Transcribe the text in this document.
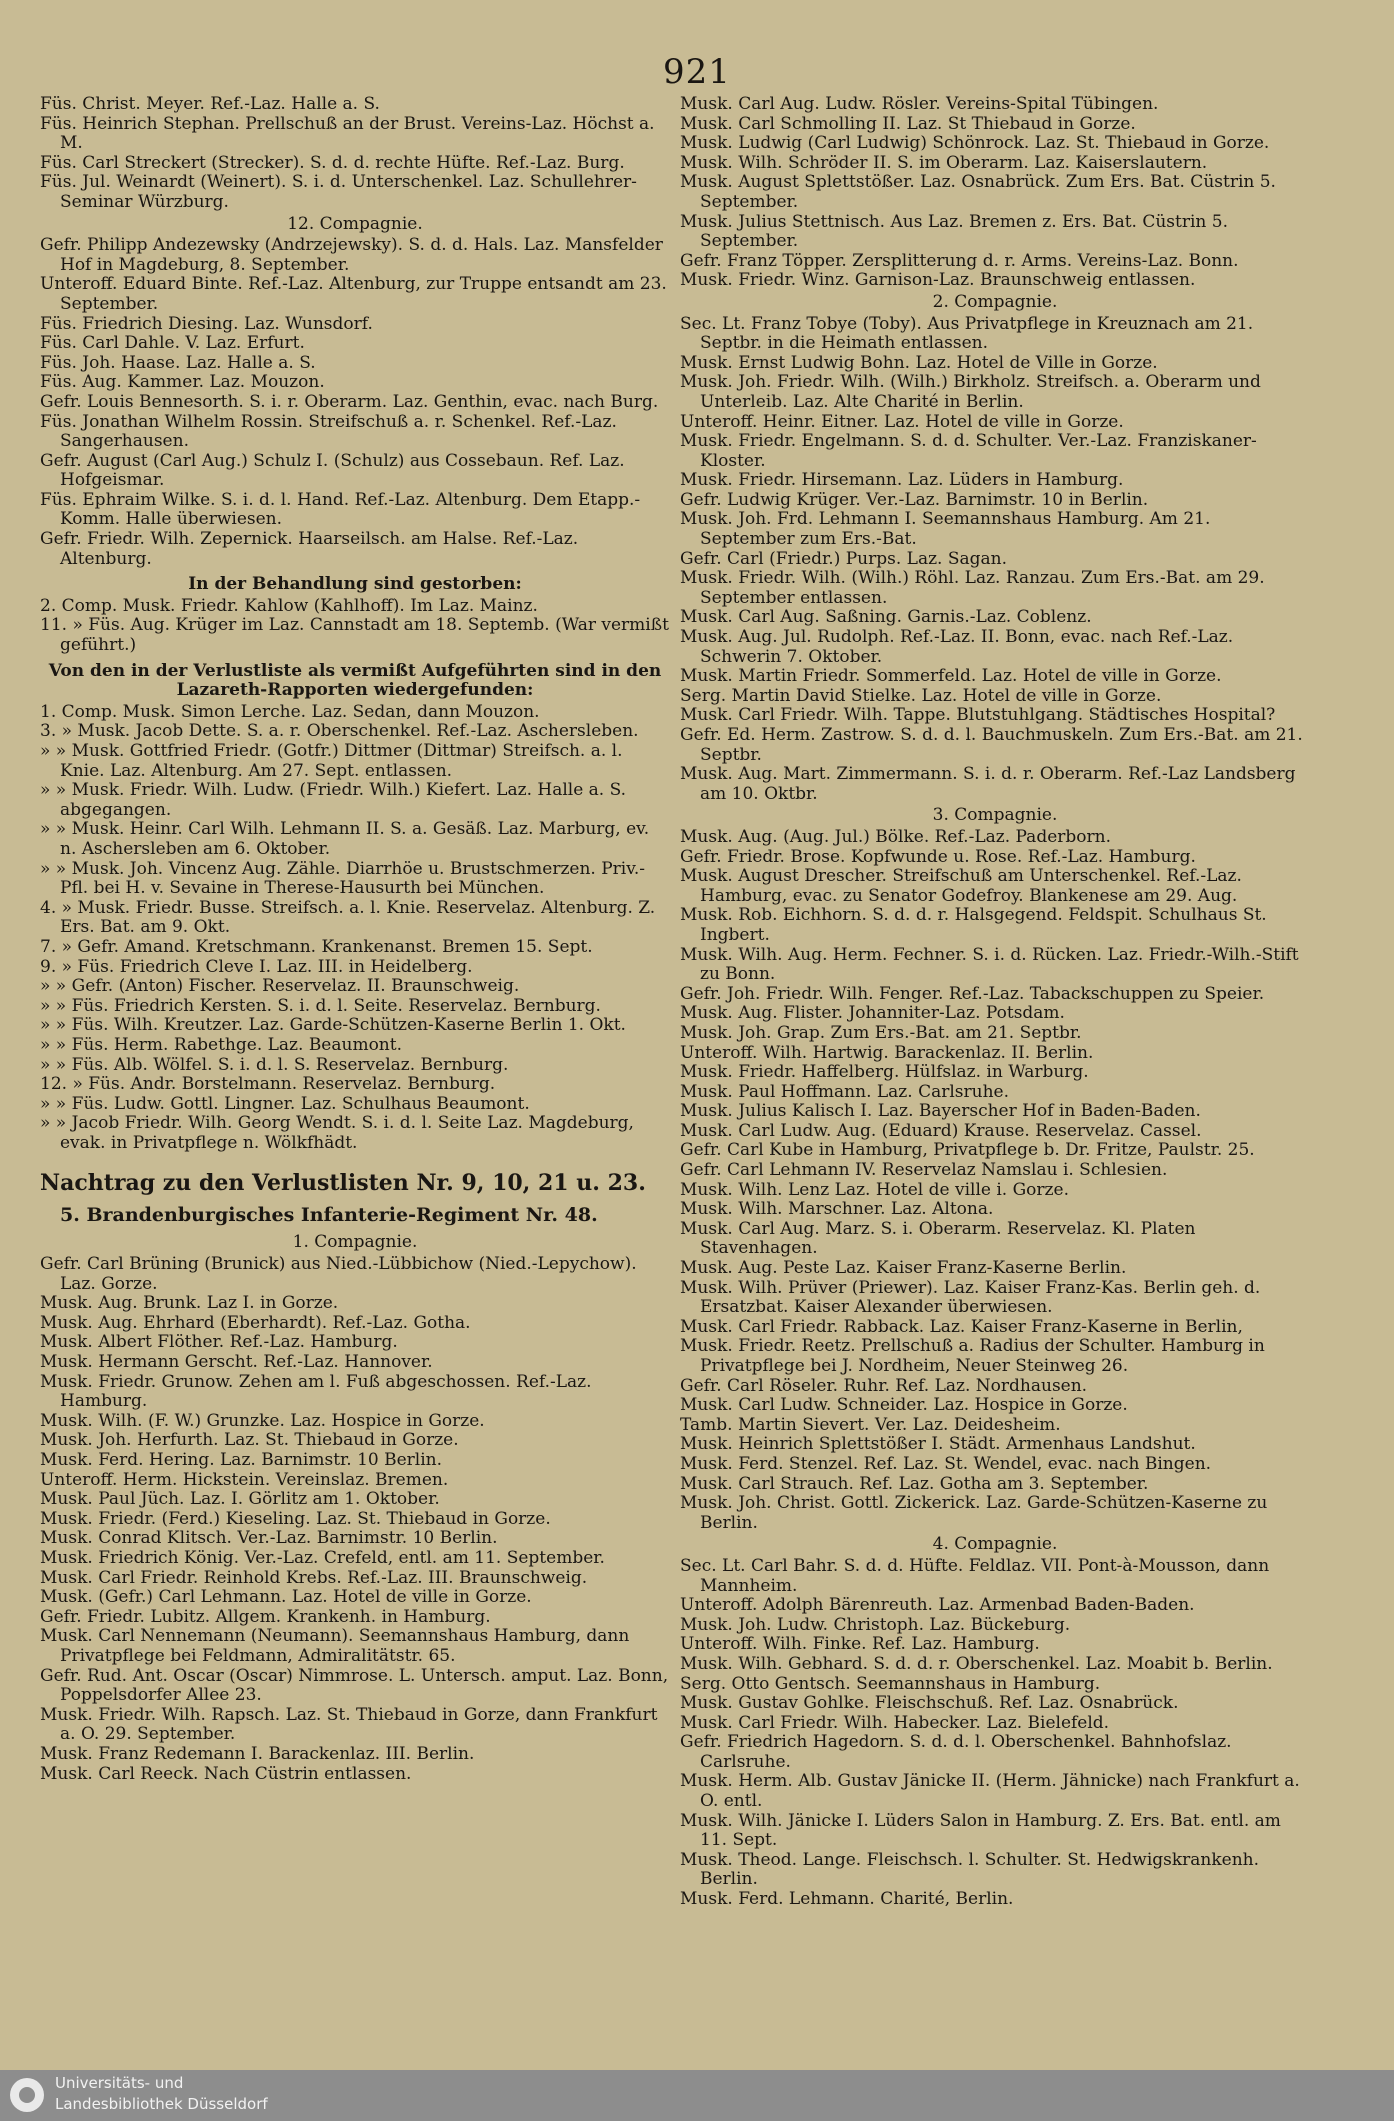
921

Füs. Christ. Meyer. Ref.-Laz. Halle a. S.

Füs. Heinrich Stephan. Prellschuß an der Brust. Vereins-Laz. Höchst a. M.

Füs. Carl Streckert (Strecker). S. d. d. rechte Hüfte. Ref.-Laz. Burg.

Füs. Jul. Weinardt (Weinert). S. i. d. Unterschenkel. Laz. Schullehrer-Seminar Würzburg.

12. Compagnie.

Gefr. Philipp Andezewsky (Andrzejewsky). S. d. d. Hals. Laz. Mansfelder Hof in Magdeburg, 8. September.

Unteroff. Eduard Binte. Ref.-Laz. Altenburg, zur Truppe entsandt am 23. September.

Füs. Friedrich Diesing. Laz. Wunsdorf.

Füs. Carl Dahle. V. Laz. Erfurt.

Füs. Joh. Haase. Laz. Halle a. S.

Füs. Aug. Kammer. Laz. Mouzon.

Gefr. Louis Bennesorth. S. i. r. Oberarm. Laz. Genthin, evac. nach Burg.

Füs. Jonathan Wilhelm Rossin. Streifschuß a. r. Schenkel. Ref.-Laz. Sangerhausen.

Gefr. August (Carl Aug.) Schulz I. (Schulz) aus Cossebaun. Ref. Laz. Hofgeismar.

Füs. Ephraim Wilke. S. i. d. l. Hand. Ref.-Laz. Altenburg. Dem Etapp.-Komm. Halle überwiesen.

Gefr. Friedr. Wilh. Zepernick. Haarseilsch. am Halse. Ref.-Laz. Altenburg.

In der Behandlung sind gestorben:

2. Comp. Musk. Friedr. Kahlow (Kahlhoff). Im Laz. Mainz.

11. » Füs. Aug. Krüger im Laz. Cannstadt am 18. Septemb. (War vermißt geführt.)

Von den in der Verlustliste als vermißt Aufgeführten sind in den Lazareth-Rapporten wiedergefunden:

1. Comp. Musk. Simon Lerche. Laz. Sedan, dann Mouzon.

3. » Musk. Jacob Dette. S. a. r. Oberschenkel. Ref.-Laz. Aschersleben.

» » Musk. Gottfried Friedr. (Gotfr.) Dittmer (Dittmar) Streifsch. a. l. Knie. Laz. Altenburg. Am 27. Sept. entlassen.

» » Musk. Friedr. Wilh. Ludw. (Friedr. Wilh.) Kiefert. Laz. Halle a. S. abgegangen.

» » Musk. Heinr. Carl Wilh. Lehmann II. S. a. Gesäß. Laz. Marburg, ev. n. Aschersleben am 6. Oktober.

» » Musk. Joh. Vincenz Aug. Zähle. Diarrhöe u. Brustschmerzen. Priv.-Pfl. bei H. v. Sevaine in Therese-Hausurth bei München.

4. » Musk. Friedr. Busse. Streifsch. a. l. Knie. Reservelaz. Altenburg. Z. Ers. Bat. am 9. Okt.

7. » Gefr. Amand. Kretschmann. Krankenanst. Bremen 15. Sept.

9. » Füs. Friedrich Cleve I. Laz. III. in Heidelberg.

» » Gefr. (Anton) Fischer. Reservelaz. II. Braunschweig.

» » Füs. Friedrich Kersten. S. i. d. l. Seite. Reservelaz. Bernburg.

» » Füs. Wilh. Kreutzer. Laz. Garde-Schützen-Kaserne Berlin 1. Okt.

» » Füs. Herm. Rabethge. Laz. Beaumont.

» » Füs. Alb. Wölfel. S. i. d. l. S. Reservelaz. Bernburg.

12. » Füs. Andr. Borstelmann. Reservelaz. Bernburg.

» » Füs. Ludw. Gottl. Lingner. Laz. Schulhaus Beaumont.

» » Jacob Friedr. Wilh. Georg Wendt. S. i. d. l. Seite Laz. Magdeburg, evak. in Privatpflege n. Wölkfhädt.

Nachtrag zu den Verlustlisten Nr. 9, 10, 21 u. 23.

5. Brandenburgisches Infanterie-Regiment Nr. 48.

1. Compagnie.

Gefr. Carl Brüning (Brunick) aus Nied.-Lübbichow (Nied.-Lepychow). Laz. Gorze.

Musk. Aug. Brunk. Laz I. in Gorze.

Musk. Aug. Ehrhard (Eberhardt). Ref.-Laz. Gotha.

Musk. Albert Flöther. Ref.-Laz. Hamburg.

Musk. Hermann Gerscht. Ref.-Laz. Hannover.

Musk. Friedr. Grunow. Zehen am l. Fuß abgeschossen. Ref.-Laz. Hamburg.

Musk. Wilh. (F. W.) Grunzke. Laz. Hospice in Gorze.

Musk. Joh. Herfurth. Laz. St. Thiebaud in Gorze.

Musk. Ferd. Hering. Laz. Barnimstr. 10 Berlin.

Unteroff. Herm. Hickstein. Vereinslaz. Bremen.

Musk. Paul Jüch. Laz. I. Görlitz am 1. Oktober.

Musk. Friedr. (Ferd.) Kieseling. Laz. St. Thiebaud in Gorze.

Musk. Conrad Klitsch. Ver.-Laz. Barnimstr. 10 Berlin.

Musk. Friedrich König. Ver.-Laz. Crefeld, entl. am 11. September.

Musk. Carl Friedr. Reinhold Krebs. Ref.-Laz. III. Braunschweig.

Musk. (Gefr.) Carl Lehmann. Laz. Hotel de ville in Gorze.

Gefr. Friedr. Lubitz. Allgem. Krankenh. in Hamburg.

Musk. Carl Nennemann (Neumann). Seemannshaus Hamburg, dann Privatpflege bei Feldmann, Admiralitätstr. 65.

Gefr. Rud. Ant. Oscar (Oscar) Nimmrose. L. Untersch. amput. Laz. Bonn, Poppelsdorfer Allee 23.

Musk. Friedr. Wilh. Rapsch. Laz. St. Thiebaud in Gorze, dann Frankfurt a. O. 29. September.

Musk. Franz Redemann I. Barackenlaz. III. Berlin.

Musk. Carl Reeck. Nach Cüstrin entlassen.

Musk. Carl Aug. Ludw. Rösler. Vereins-Spital Tübingen.

Musk. Carl Schmolling II. Laz. St Thiebaud in Gorze.

Musk. Ludwig (Carl Ludwig) Schönrock. Laz. St. Thiebaud in Gorze.

Musk. Wilh. Schröder II. S. im Oberarm. Laz. Kaiserslautern.

Musk. August Splettstößer. Laz. Osnabrück. Zum Ers. Bat. Cüstrin 5. September.

Musk. Julius Stettnisch. Aus Laz. Bremen z. Ers. Bat. Cüstrin 5. September.

Gefr. Franz Töpper. Zersplitterung d. r. Arms. Vereins-Laz. Bonn.

Musk. Friedr. Winz. Garnison-Laz. Braunschweig entlassen.

2. Compagnie.

Sec. Lt. Franz Tobye (Toby). Aus Privatpflege in Kreuznach am 21. Septbr. in die Heimath entlassen.

Musk. Ernst Ludwig Bohn. Laz. Hotel de Ville in Gorze.

Musk. Joh. Friedr. Wilh. (Wilh.) Birkholz. Streifsch. a. Oberarm und Unterleib. Laz. Alte Charité in Berlin.

Unteroff. Heinr. Eitner. Laz. Hotel de ville in Gorze.

Musk. Friedr. Engelmann. S. d. d. Schulter. Ver.-Laz. Franziskaner-Kloster.

Musk. Friedr. Hirsemann. Laz. Lüders in Hamburg.

Gefr. Ludwig Krüger. Ver.-Laz. Barnimstr. 10 in Berlin.

Musk. Joh. Frd. Lehmann I. Seemannshaus Hamburg. Am 21. September zum Ers.-Bat.

Gefr. Carl (Friedr.) Purps. Laz. Sagan.

Musk. Friedr. Wilh. (Wilh.) Röhl. Laz. Ranzau. Zum Ers.-Bat. am 29. September entlassen.

Musk. Carl Aug. Saßning. Garnis.-Laz. Coblenz.

Musk. Aug. Jul. Rudolph. Ref.-Laz. II. Bonn, evac. nach Ref.-Laz. Schwerin 7. Oktober.

Musk. Martin Friedr. Sommerfeld. Laz. Hotel de ville in Gorze.

Serg. Martin David Stielke. Laz. Hotel de ville in Gorze.

Musk. Carl Friedr. Wilh. Tappe. Blutstuhlgang. Städtisches Hospital?

Gefr. Ed. Herm. Zastrow. S. d. d. l. Bauchmuskeln. Zum Ers.-Bat. am 21. Septbr.

Musk. Aug. Mart. Zimmermann. S. i. d. r. Oberarm. Ref.-Laz Landsberg am 10. Oktbr.

3. Compagnie.

Musk. Aug. (Aug. Jul.) Bölke. Ref.-Laz. Paderborn.

Gefr. Friedr. Brose. Kopfwunde u. Rose. Ref.-Laz. Hamburg.

Musk. August Drescher. Streifschuß am Unterschenkel. Ref.-Laz. Hamburg, evac. zu Senator Godefroy. Blankenese am 29. Aug.

Musk. Rob. Eichhorn. S. d. d. r. Halsgegend. Feldspit. Schulhaus St. Ingbert.

Musk. Wilh. Aug. Herm. Fechner. S. i. d. Rücken. Laz. Friedr.-Wilh.-Stift zu Bonn.

Gefr. Joh. Friedr. Wilh. Fenger. Ref.-Laz. Tabackschuppen zu Speier.

Musk. Aug. Flister. Johanniter-Laz. Potsdam.

Musk. Joh. Grap. Zum Ers.-Bat. am 21. Septbr.

Unteroff. Wilh. Hartwig. Barackenlaz. II. Berlin.

Musk. Friedr. Haffelberg. Hülfslaz. in Warburg.

Musk. Paul Hoffmann. Laz. Carlsruhe.

Musk. Julius Kalisch I. Laz. Bayerscher Hof in Baden-Baden.

Musk. Carl Ludw. Aug. (Eduard) Krause. Reservelaz. Cassel.

Gefr. Carl Kube in Hamburg, Privatpflege b. Dr. Fritze, Paulstr. 25.

Gefr. Carl Lehmann IV. Reservelaz Namslau i. Schlesien.

Musk. Wilh. Lenz Laz. Hotel de ville i. Gorze.

Musk. Wilh. Marschner. Laz. Altona.

Musk. Carl Aug. Marz. S. i. Oberarm. Reservelaz. Kl. Platen Stavenhagen.

Musk. Aug. Peste Laz. Kaiser Franz-Kaserne Berlin.

Musk. Wilh. Prüver (Priewer). Laz. Kaiser Franz-Kas. Berlin geh. d. Ersatzbat. Kaiser Alexander überwiesen.

Musk. Carl Friedr. Rabback. Laz. Kaiser Franz-Kaserne in Berlin,

Musk. Friedr. Reetz. Prellschuß a. Radius der Schulter. Hamburg in Privatpflege bei J. Nordheim, Neuer Steinweg 26.

Gefr. Carl Röseler. Ruhr. Ref. Laz. Nordhausen.

Musk. Carl Ludw. Schneider. Laz. Hospice in Gorze.

Tamb. Martin Sievert. Ver. Laz. Deidesheim.

Musk. Heinrich Splettstößer I. Städt. Armenhaus Landshut.

Musk. Ferd. Stenzel. Ref. Laz. St. Wendel, evac. nach Bingen.

Musk. Carl Strauch. Ref. Laz. Gotha am 3. September.

Musk. Joh. Christ. Gottl. Zickerick. Laz. Garde-Schützen-Kaserne zu Berlin.

4. Compagnie.

Sec. Lt. Carl Bahr. S. d. d. Hüfte. Feldlaz. VII. Pont-à-Mousson, dann Mannheim.

Unteroff. Adolph Bärenreuth. Laz. Armenbad Baden-Baden.

Musk. Joh. Ludw. Christoph. Laz. Bückeburg.

Unteroff. Wilh. Finke. Ref. Laz. Hamburg.

Musk. Wilh. Gebhard. S. d. d. r. Oberschenkel. Laz. Moabit b. Berlin.

Serg. Otto Gentsch. Seemannshaus in Hamburg.

Musk. Gustav Gohlke. Fleischschuß. Ref. Laz. Osnabrück.

Musk. Carl Friedr. Wilh. Habecker. Laz. Bielefeld.

Gefr. Friedrich Hagedorn. S. d. d. l. Oberschenkel. Bahnhofslaz. Carlsruhe.

Musk. Herm. Alb. Gustav Jänicke II. (Herm. Jähnicke) nach Frankfurt a. O. entl.

Musk. Wilh. Jänicke I. Lüders Salon in Hamburg. Z. Ers. Bat. entl. am 11. Sept.

Musk. Theod. Lange. Fleischsch. l. Schulter. St. Hedwigskrankenh. Berlin.

Musk. Ferd. Lehmann. Charité, Berlin.

Universitäts- und
Landesbibliothek Düsseldorf
